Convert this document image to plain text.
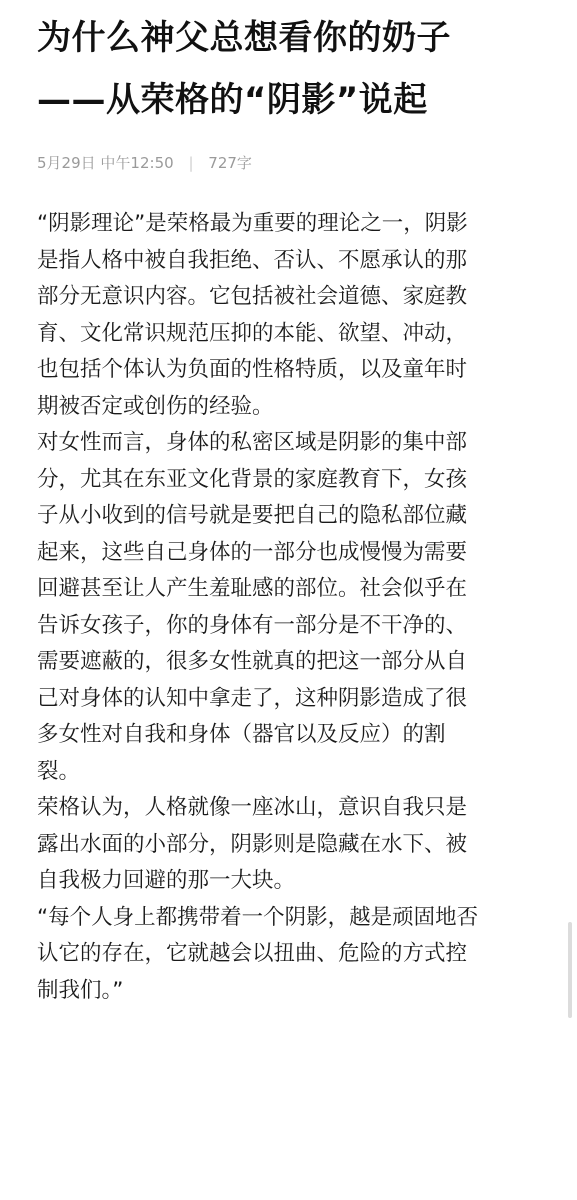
为什么神父总想看你的奶子
——从荣格的“阴影”说起
5月29日 中午12:50 | 727字
“阴影理论”是荣格最为重要的理论之一，阴影
是指人格中被自我拒绝、否认、不愿承认的那
部分无意识内容。它包括被社会道德、家庭教
育、文化常识规范压抑的本能、欲望、冲动，
也包括个体认为负面的性格特质，以及童年时
期被否定或创伤的经验。
对女性而言，身体的私密区域是阴影的集中部
分，尤其在东亚文化背景的家庭教育下，女孩
子从小收到的信号就是要把自己的隐私部位藏
起来，这些自己身体的一部分也成慢慢为需要
回避甚至让人产生羞耻感的部位。社会似乎在
告诉女孩子，你的身体有一部分是不干净的、
需要遮蔽的，很多女性就真的把这一部分从自
己对身体的认知中拿走了，这种阴影造成了很
多女性对自我和身体（器官以及反应）的割
裂。
荣格认为，人格就像一座冰山，意识自我只是
露出水面的小部分，阴影则是隐藏在水下、被
自我极力回避的那一大块。
“每个人身上都携带着一个阴影，越是顽固地否
认它的存在，它就越会以扭曲、危险的方式控
制我们。”
